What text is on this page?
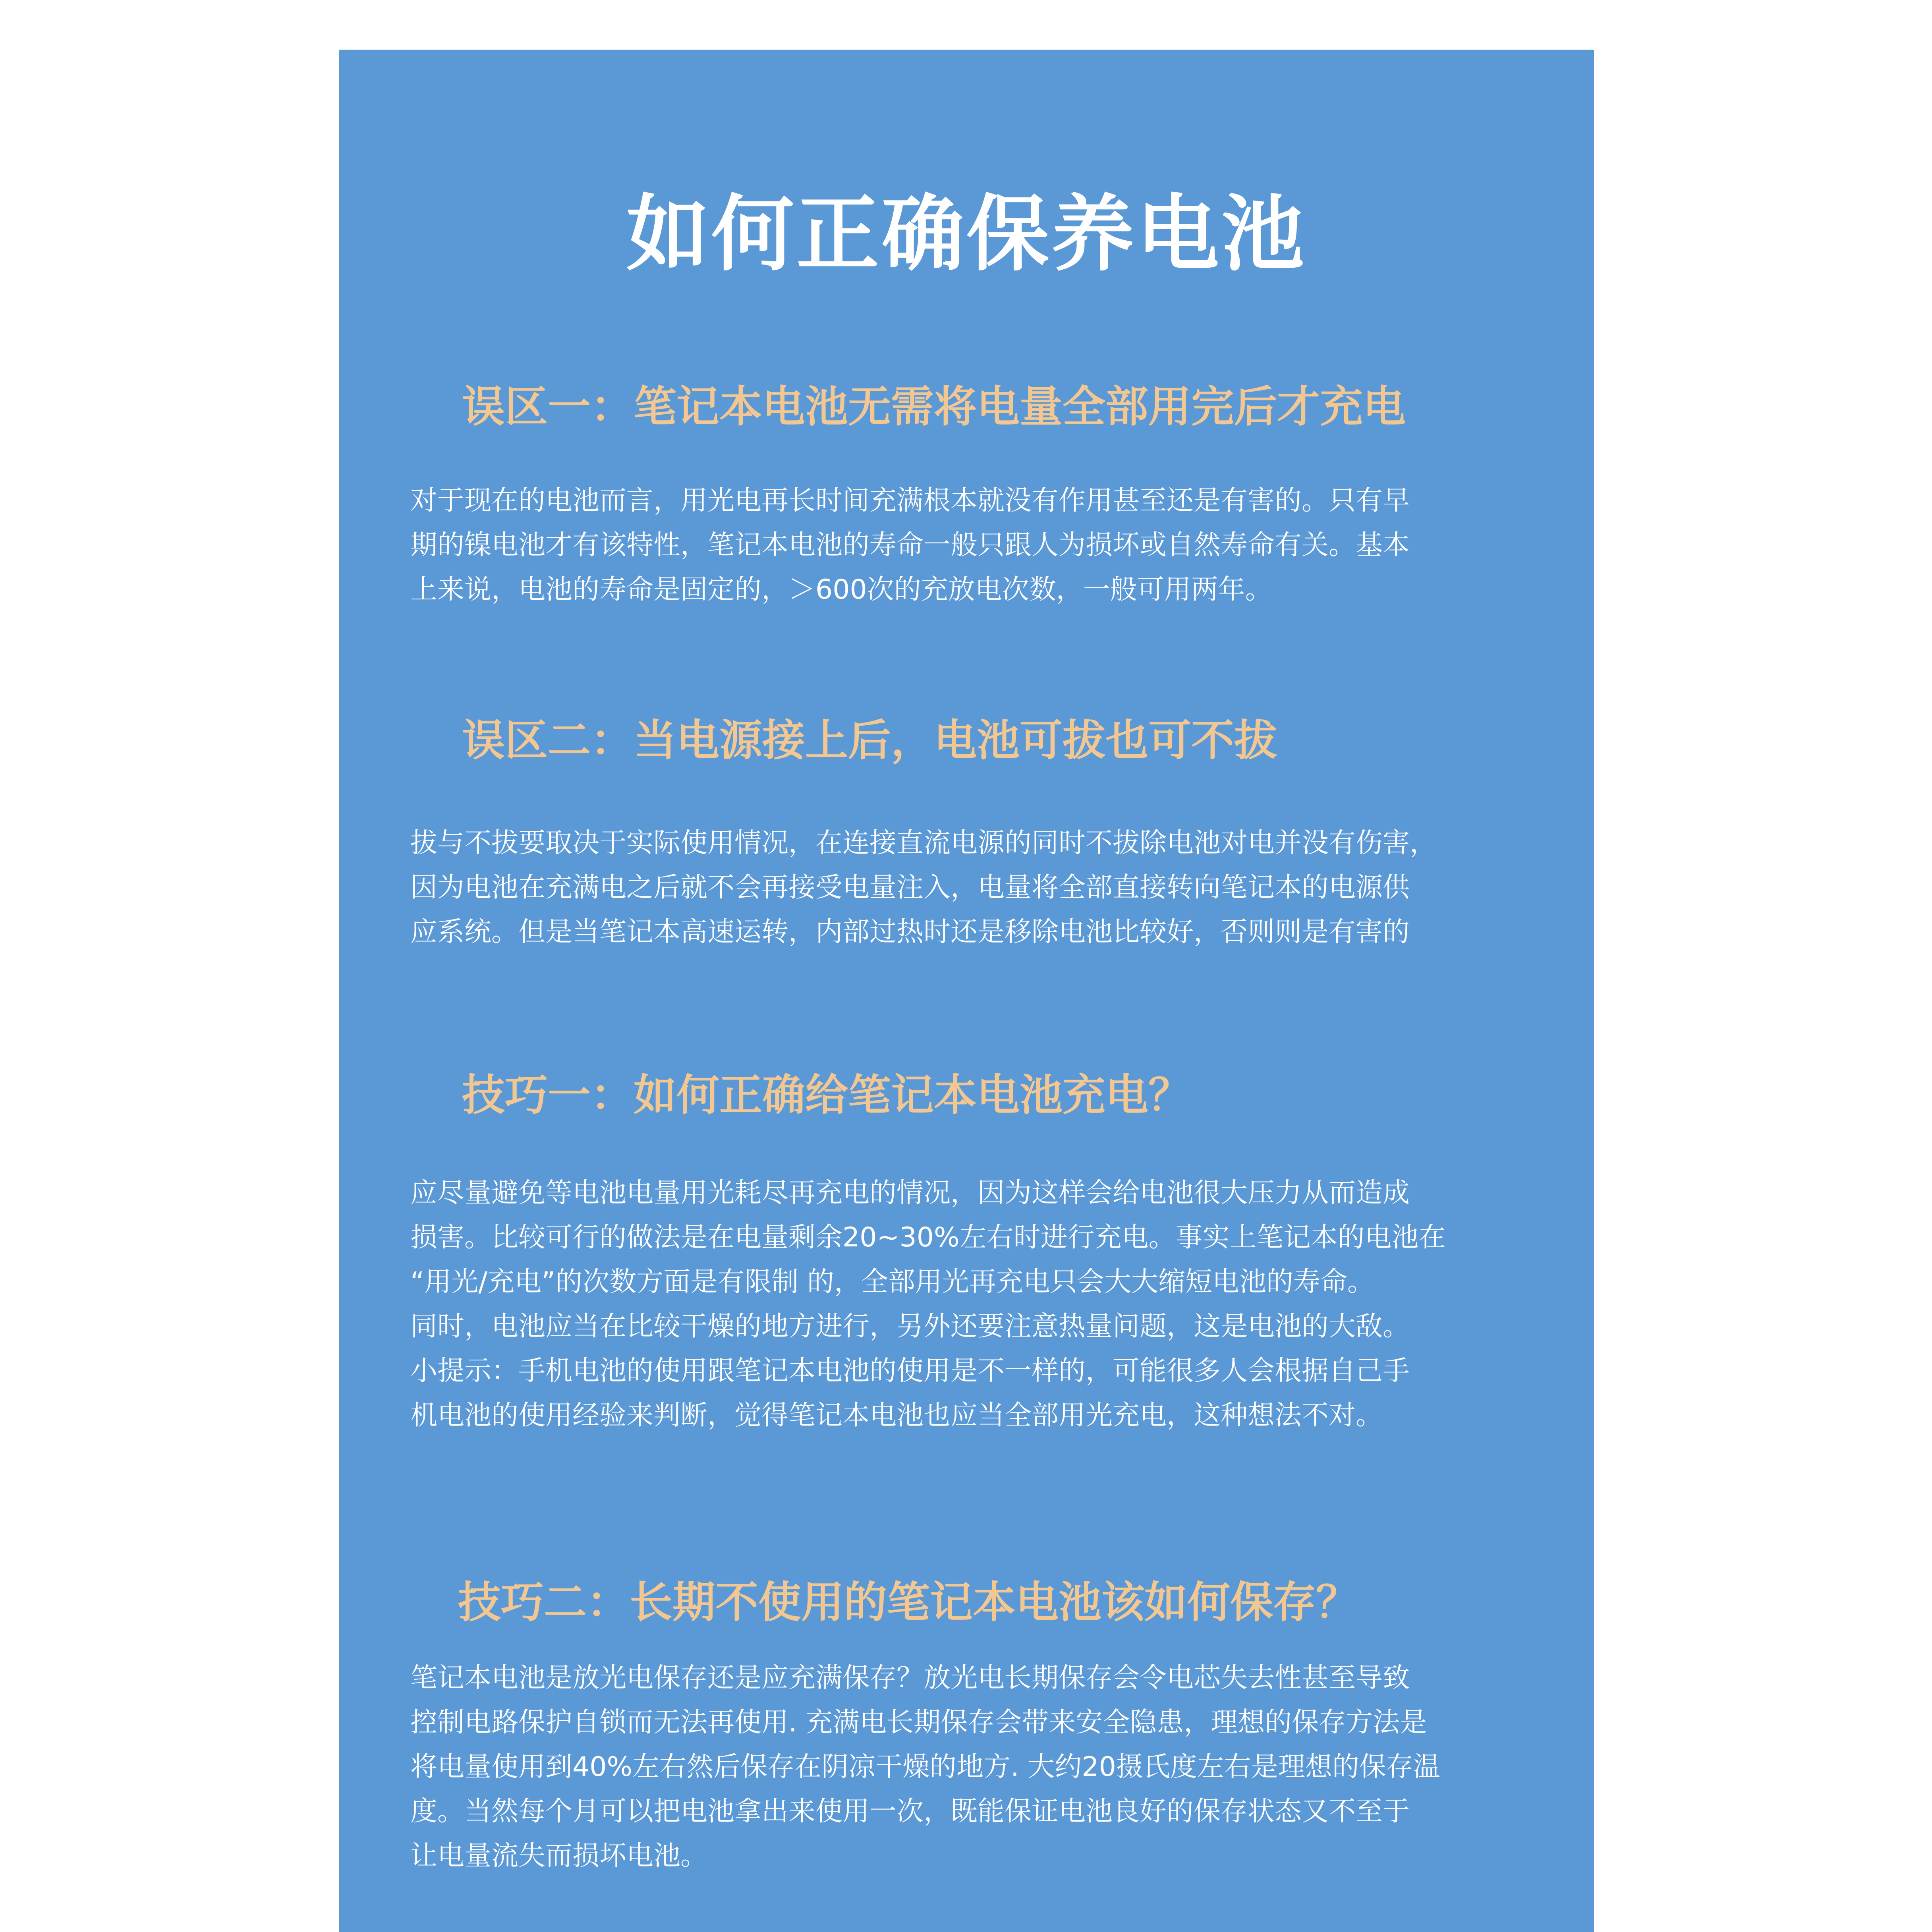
如何正确保养电池
误区一：笔记本电池无需将电量全部用完后才充电
对于现在的电池而言，用光电再长时间充满根本就没有作用甚至还是有害的。只有早
期的镍电池才有该特性，笔记本电池的寿命一般只跟人为损坏或自然寿命有关。基本
上来说，电池的寿命是固定的，＞600次的充放电次数，一般可用两年。
误区二：当电源接上后，电池可拔也可不拔
拔与不拔要取决于实际使用情况，在连接直流电源的同时不拔除电池对电并没有伤害，
因为电池在充满电之后就不会再接受电量注入，电量将全部直接转向笔记本的电源供
应系统。但是当笔记本高速运转，内部过热时还是移除电池比较好，否则则是有害的
技巧一：如何正确给笔记本电池充电？
应尽量避免等电池电量用光耗尽再充电的情况，因为这样会给电池很大压力从而造成
损害。比较可行的做法是在电量剩余20~30%左右时进行充电。事实上笔记本的电池在
“用光/充电”的次数方面是有限制 的，全部用光再充电只会大大缩短电池的寿命。
同时，电池应当在比较干燥的地方进行，另外还要注意热量问题，这是电池的大敌。
小提示：手机电池的使用跟笔记本电池的使用是不一样的，可能很多人会根据自己手
机电池的使用经验来判断，觉得笔记本电池也应当全部用光充电，这种想法不对。
技巧二：长期不使用的笔记本电池该如何保存？
笔记本电池是放光电保存还是应充满保存？放光电长期保存会令电芯失去性甚至导致
控制电路保护自锁而无法再使用. 充满电长期保存会带来安全隐患，理想的保存方法是
将电量使用到40%左右然后保存在阴凉干燥的地方. 大约20摄氏度左右是理想的保存温
度。当然每个月可以把电池拿出来使用一次，既能保证电池良好的保存状态又不至于
让电量流失而损坏电池。
